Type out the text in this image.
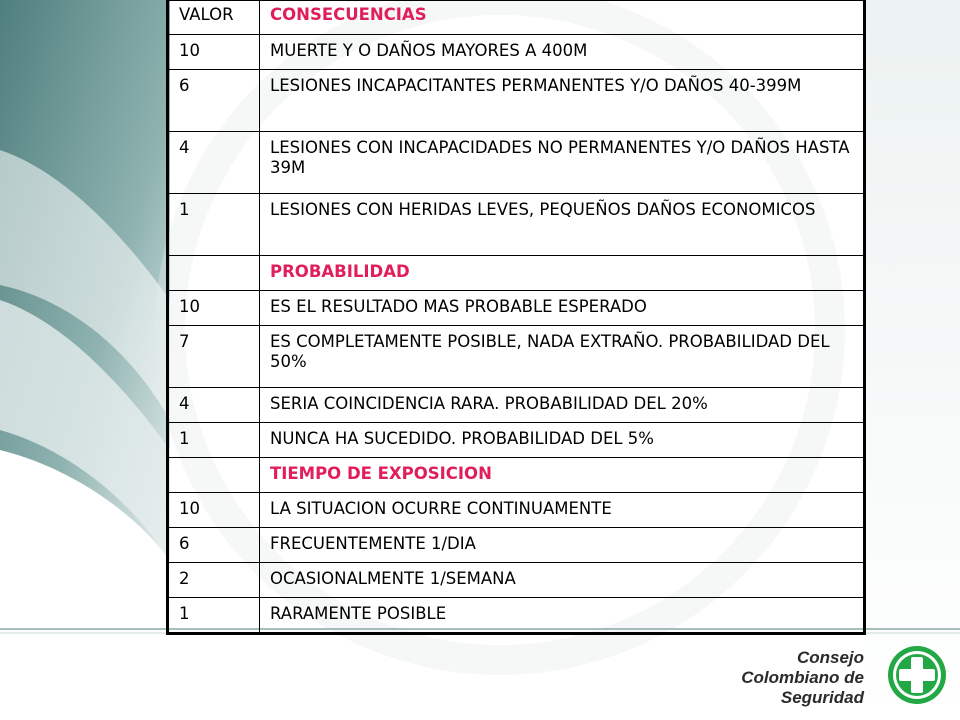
VALOR	CONSECUENCIAS
10	MUERTE Y O DAÑOS MAYORES A 400M
6	LESIONES INCAPACITANTES PERMANENTES Y/O DAÑOS 40-399M
4	LESIONES CON INCAPACIDADES NO PERMANENTES Y/O DAÑOS HASTA 39M
1	LESIONES CON HERIDAS LEVES, PEQUEÑOS DAÑOS ECONOMICOS
	PROBABILIDAD
10	ES EL RESULTADO MAS PROBABLE ESPERADO
7	ES COMPLETAMENTE POSIBLE, NADA EXTRAÑO. PROBABILIDAD DEL 50%
4	SERIA COINCIDENCIA RARA. PROBABILIDAD DEL 20%
1	NUNCA HA SUCEDIDO. PROBABILIDAD DEL 5%
	TIEMPO DE EXPOSICION
10	LA SITUACION OCURRE CONTINUAMENTE
6	FRECUENTEMENTE 1/DIA
2	OCASIONALMENTE 1/SEMANA
1	RARAMENTE POSIBLE
Consejo
Colombiano de
Seguridad
